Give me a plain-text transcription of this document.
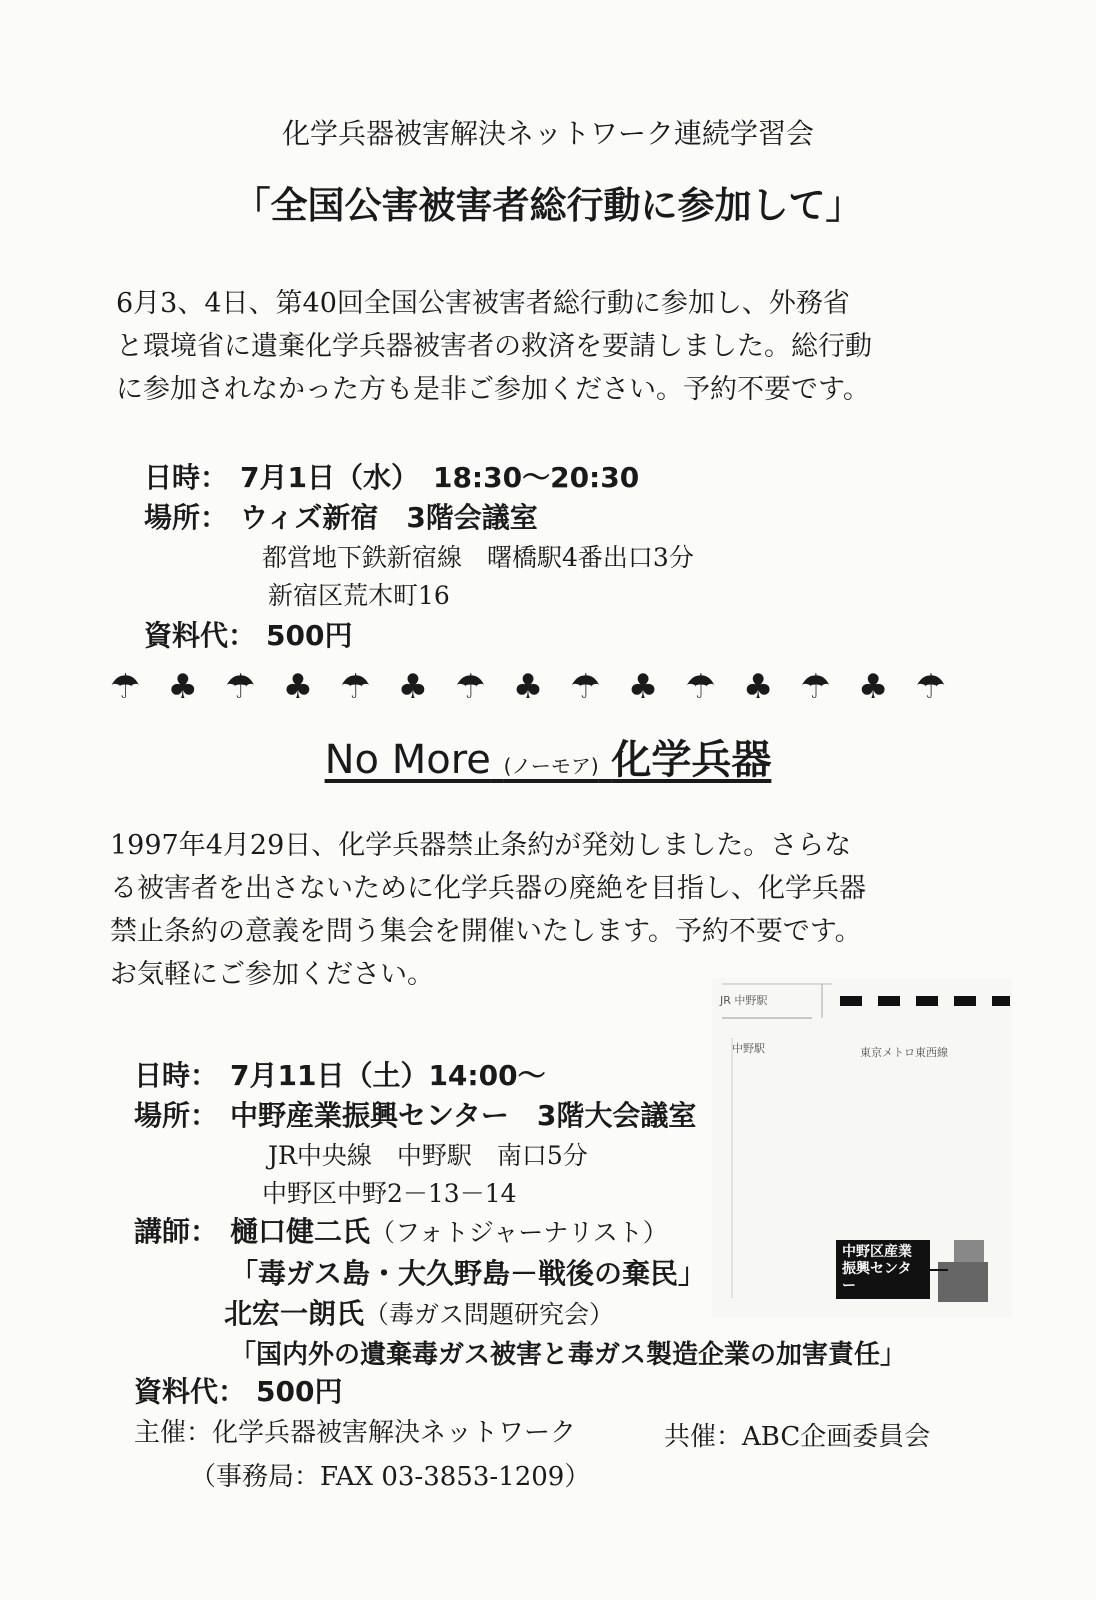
化学兵器被害解決ネットワーク連続学習会
「全国公害被害者総行動に参加して」
6月3、4日、第40回全国公害被害者総行動に参加し、外務省
と環境省に遺棄化学兵器被害者の救済を要請しました。総行動
に参加されなかった方も是非ご参加ください。予約不要です。
日時： 7月1日（水）　18:30～20:30
場所： ウィズ新宿　3階会議室
都営地下鉄新宿線　曙橋駅4番出口3分
新宿区荒木町16
資料代： 500円
☂ ♣ ☂ ♣ ☂ ♣ ☂ ♣ ☂ ♣ ☂ ♣ ☂ ♣ ☂
No More (ノーモア) 化学兵器
1997年4月29日、化学兵器禁止条約が発効しました。さらな
る被害者を出さないために化学兵器の廃絶を目指し、化学兵器
禁止条約の意義を問う集会を開催いたします。予約不要です。
お気軽にご参加ください。
JR 中野駅
中野駅	東京メトロ東西線
中野区産業振興センター
日時： 7月11日（土）14:00～
場所： 中野産業振興センター　3階大会議室
JR中央線　中野駅　南口5分
中野区中野2－13－14
講師： 樋口健二氏（フォトジャーナリスト）
「毒ガス島・大久野島－戦後の棄民」
北宏一朗氏（毒ガス問題研究会）
「国内外の遺棄毒ガス被害と毒ガス製造企業の加害責任」
資料代： 500円
主催：化学兵器被害解決ネットワーク	共催：ABC企画委員会
（事務局：FAX 03-3853-1209）
